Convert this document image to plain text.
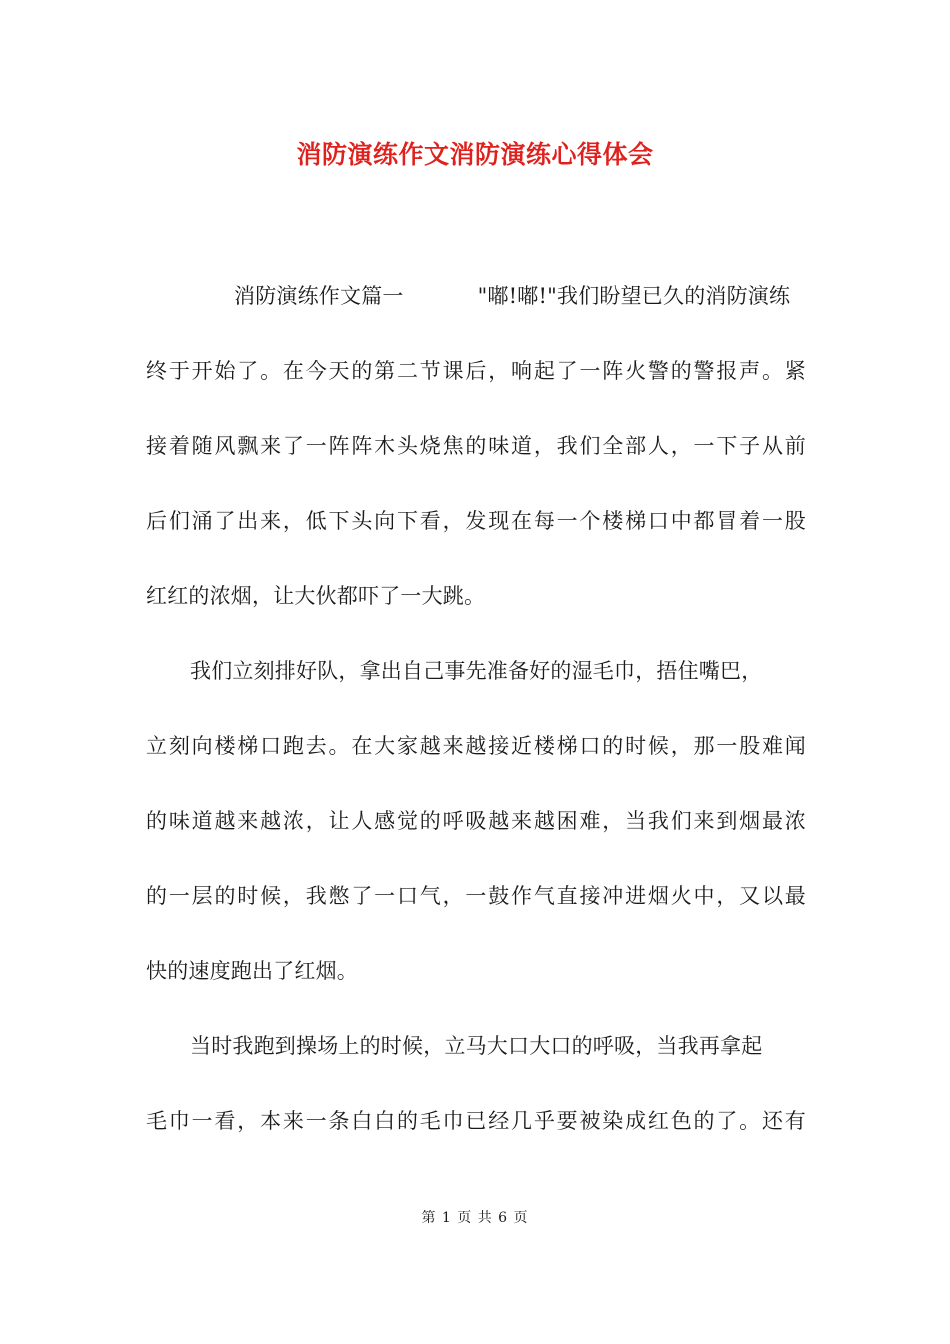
消防演练作文消防演练心得体会
消防演练作文篇一	"嘟!嘟!"我们盼望已久的消防演练
终于开始了。在今天的第二节课后，响起了一阵火警的警报声。紧
接着随风飘来了一阵阵木头烧焦的味道，我们全部人，一下子从前
后们涌了出来，低下头向下看，发现在每一个楼梯口中都冒着一股
红红的浓烟，让大伙都吓了一大跳。
我们立刻排好队，拿出自己事先准备好的湿毛巾，捂住嘴巴，
立刻向楼梯口跑去。在大家越来越接近楼梯口的时候，那一股难闻
的味道越来越浓，让人感觉的呼吸越来越困难，当我们来到烟最浓
的一层的时候，我憋了一口气，一鼓作气直接冲进烟火中，又以最
快的速度跑出了红烟。
当时我跑到操场上的时候，立马大口大口的呼吸，当我再拿起
毛巾一看，本来一条白白的毛巾已经几乎要被染成红色的了。还有
第 1 页 共 6 页
